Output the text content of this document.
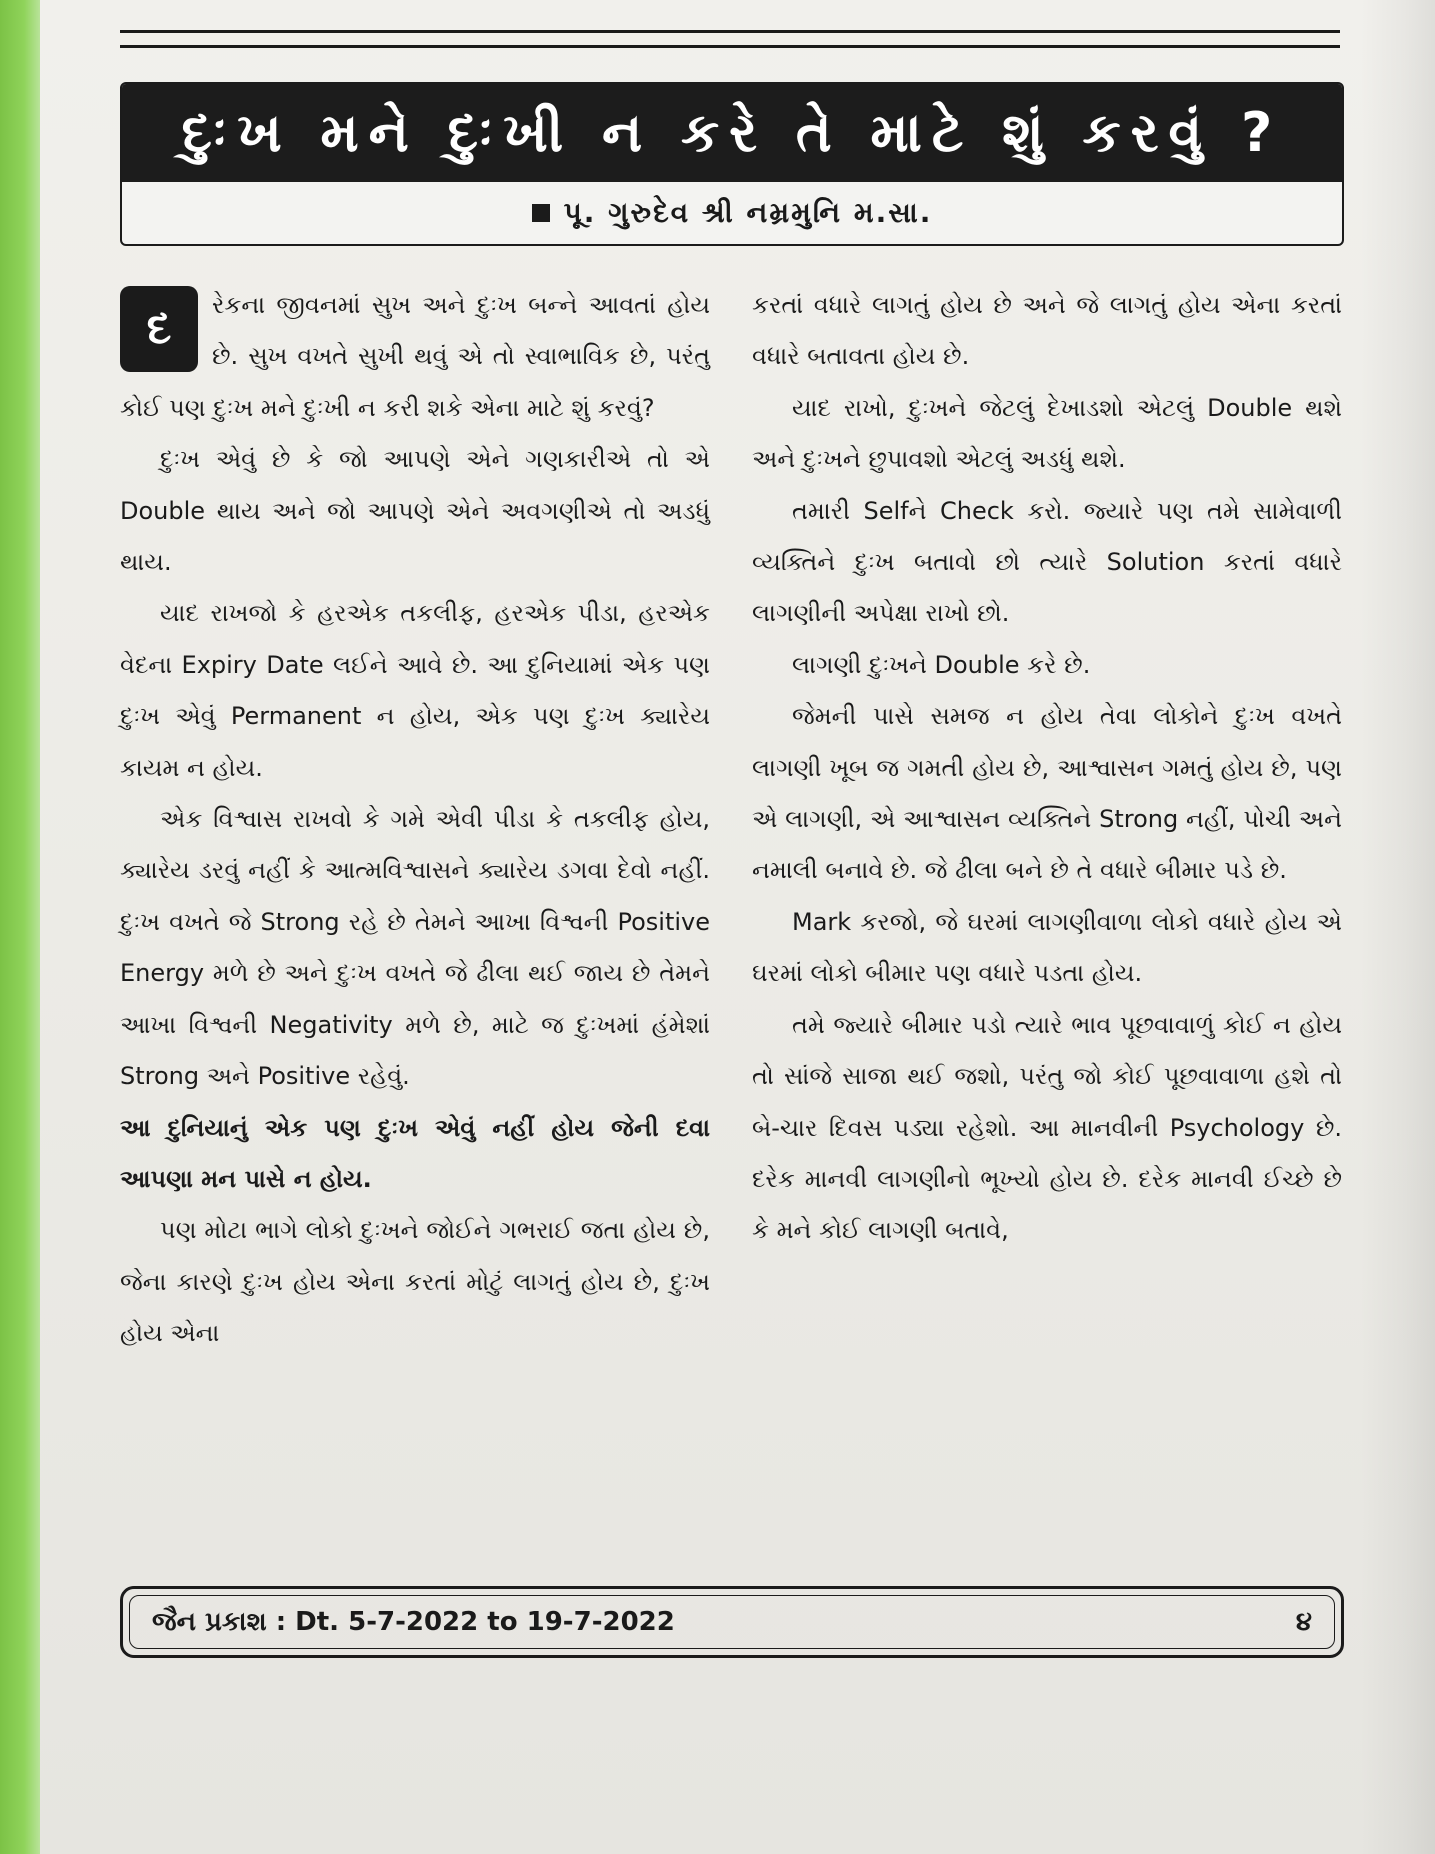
દુઃખ મને દુઃખી ન કરે તે માટે શું કરવું ?
પૂ. ગુરુદેવ શ્રી નમ્રમુનિ મ.સા.

દ	રેકના જીવનમાં સુખ અને દુઃખ બન્ને આવતાં હોય છે. સુખ વખતે સુખી થવું એ તો સ્વાભાવિક છે, પરંતુ કોઈ પણ દુઃખ મને દુઃખી ન કરી શકે એના માટે શું કરવું?

દુઃખ એવું છે કે જો આપણે એને ગણકારીએ તો એ Double થાય અને જો આપણે એને અવગણીએ તો અડધું થાય.

યાદ રાખજો કે હરએક તકલીફ, હરએક પીડા, હરએક વેદના Expiry Date લઈને આવે છે. આ દુનિયામાં એક પણ દુઃખ એવું Permanent ન હોય, એક પણ દુઃખ ક્યારેય કાયમ ન હોય.

એક વિશ્વાસ રાખવો કે ગમે એવી પીડા કે તકલીફ હોય, ક્યારેય ડરવું નહીં કે આત્મવિશ્વાસને ક્યારેય ડગવા દેવો નહીં. દુઃખ વખતે જે Strong રહે છે તેમને આખા વિશ્વની Positive Energy મળે છે અને દુઃખ વખતે જે ઢીલા થઈ જાય છે તેમને આખા વિશ્વની Negativity મળે છે, માટે જ દુઃખમાં હંમેશાં Strong અને Positive રહેવું.

આ દુનિયાનું એક પણ દુઃખ એવું નહીં હોય જેની દવા આપણા મન પાસે ન હોય.

પણ મોટા ભાગે લોકો દુઃખને જોઈને ગભરાઈ જતા હોય છે, જેના કારણે દુઃખ હોય એના કરતાં મોટું લાગતું હોય છે, દુઃખ હોય એના

કરતાં વધારે લાગતું હોય છે અને જે લાગતું હોય એના કરતાં વધારે બતાવતા હોય છે.

યાદ રાખો, દુઃખને જેટલું દેખાડશો એટલું Double થશે અને દુઃખને છુપાવશો એટલું અડધું થશે.

તમારી Selfને Check કરો. જ્યારે પણ તમે સામેવાળી વ્યક્તિને દુઃખ બતાવો છો ત્યારે Solution કરતાં વધારે લાગણીની અપેક્ષા રાખો છો.

લાગણી દુઃખને Double કરે છે.

જેમની પાસે સમજ ન હોય તેવા લોકોને દુઃખ વખતે લાગણી ખૂબ જ ગમતી હોય છે, આશ્વાસન ગમતું હોય છે, પણ એ લાગણી, એ આશ્વાસન વ્યક્તિને Strong નહીં, પોચી અને નમાલી બનાવે છે. જે ઢીલા બને છે તે વધારે બીમાર પડે છે.

Mark કરજો, જે ઘરમાં લાગણીવાળા લોકો વધારે હોય એ ઘરમાં લોકો બીમાર પણ વધારે પડતા હોય.

તમે જ્યારે બીમાર પડો ત્યારે ભાવ પૂછવાવાળું કોઈ ન હોય તો સાંજે સાજા થઈ જશો, પરંતુ જો કોઈ પૂછવાવાળા હશે તો બે-ચાર દિવસ પડ્યા રહેશો. આ માનવીની Psychology છે. દરેક માનવી લાગણીનો ભૂખ્યો હોય છે. દરેક માનવી ઈચ્છે છે કે મને કોઈ લાગણી બતાવે,

જૈન પ્રકાશ : Dt. 5-7-2022 to 19-7-2022	૪
